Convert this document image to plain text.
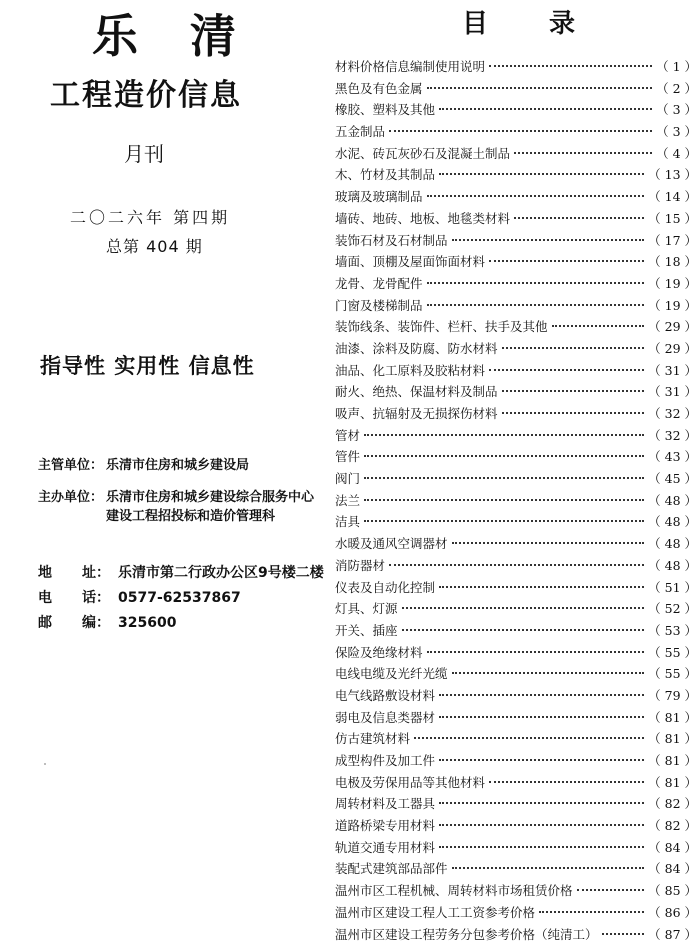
乐 清
工程造价信息
月刊
二〇二六年 第四期
总第 404 期
指导性 实用性 信息性
主管单位： 乐清市住房和城乡建设局
主办单位： 乐清市住房和城乡建设综合服务中心

建设工程招投标和造价管理科
地 址： 乐清市第二行政办公区9号楼二楼
电 话： 0577-62537867
邮 编： 325600
目 录
材料价格信息编制使用说明	（ 1 ）
黑色及有色金属	（ 2 ）
橡胶、塑料及其他	（ 3 ）
五金制品	（ 3 ）
水泥、砖瓦灰砂石及混凝土制品	（ 4 ）
木、竹材及其制品	（ 13 ）
玻璃及玻璃制品	（ 14 ）
墙砖、地砖、地板、地毯类材料	（ 15 ）
装饰石材及石材制品	（ 17 ）
墙面、顶棚及屋面饰面材料	（ 18 ）
龙骨、龙骨配件	（ 19 ）
门窗及楼梯制品	（ 19 ）
装饰线条、装饰件、栏杆、扶手及其他	（ 29 ）
油漆、涂料及防腐、防水材料	（ 29 ）
油品、化工原料及胶粘材料	（ 31 ）
耐火、绝热、保温材料及制品	（ 31 ）
吸声、抗辐射及无损探伤材料	（ 32 ）
管材	（ 32 ）
管件	（ 43 ）
阀门	（ 45 ）
法兰	（ 48 ）
洁具	（ 48 ）
水暖及通风空调器材	（ 48 ）
消防器材	（ 48 ）
仪表及自动化控制	（ 51 ）
灯具、灯源	（ 52 ）
开关、插座	（ 53 ）
保险及绝缘材料	（ 55 ）
电线电缆及光纤光缆	（ 55 ）
电气线路敷设材料	（ 79 ）
弱电及信息类器材	（ 81 ）
仿古建筑材料	（ 81 ）
成型构件及加工件	（ 81 ）
电极及劳保用品等其他材料	（ 81 ）
周转材料及工器具	（ 82 ）
道路桥梁专用材料	（ 82 ）
轨道交通专用材料	（ 84 ）
装配式建筑部品部件	（ 84 ）
温州市区工程机械、周转材料市场租赁价格	（ 85 ）
温州市区建设工程人工工资参考价格	（ 86 ）
温州市区建设工程劳务分包参考价格（纯清工）	（ 87 ）
